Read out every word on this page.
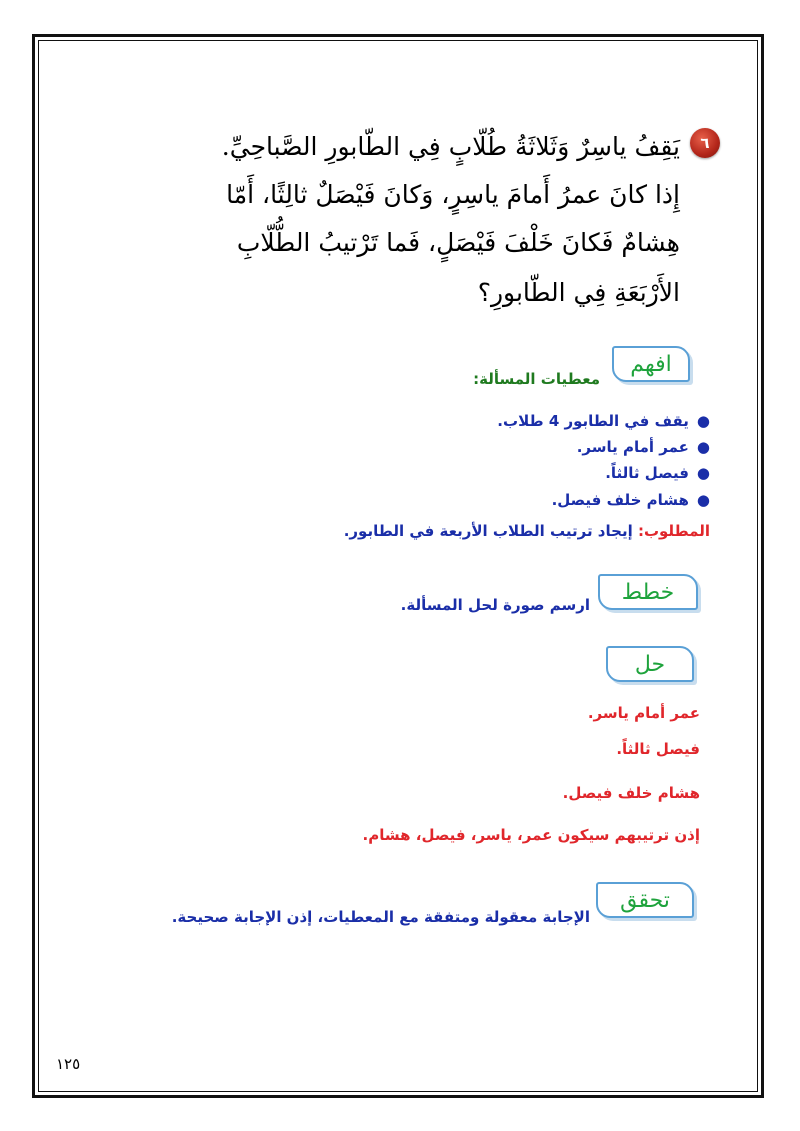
٦
يَقِفُ ياسِرٌ وَثَلاثَةُ طُلّابٍ فِي الطّابورِ الصَّباحِيِّ.
إِذا كانَ عمرُ أَمامَ ياسِرٍ، وَكانَ فَيْصَلٌ ثالِثًا، أَمّا
هِشامٌ فَكانَ خَلْفَ فَيْصَلٍ، فَما تَرْتيبُ الطُّلّابِ
الأَرْبَعَةِ فِي الطّابورِ؟
افهم
معطيات المسألة:
●يقف في الطابور 4 طلاب.
●عمر أمام ياسر.
●فيصل ثالثاً.
●هشام خلف فيصل.
المطلوب: إيجاد ترتيب الطلاب الأربعة في الطابور.
خطط
ارسم صورة لحل المسألة.
حل
عمر أمام ياسر.
فيصل ثالثاً.
هشام خلف فيصل.
إذن ترتيبهم سيكون عمر، ياسر، فيصل، هشام.
تحقق
الإجابة معقولة ومتفقة مع المعطيات، إذن الإجابة صحيحة.
١٢٥
